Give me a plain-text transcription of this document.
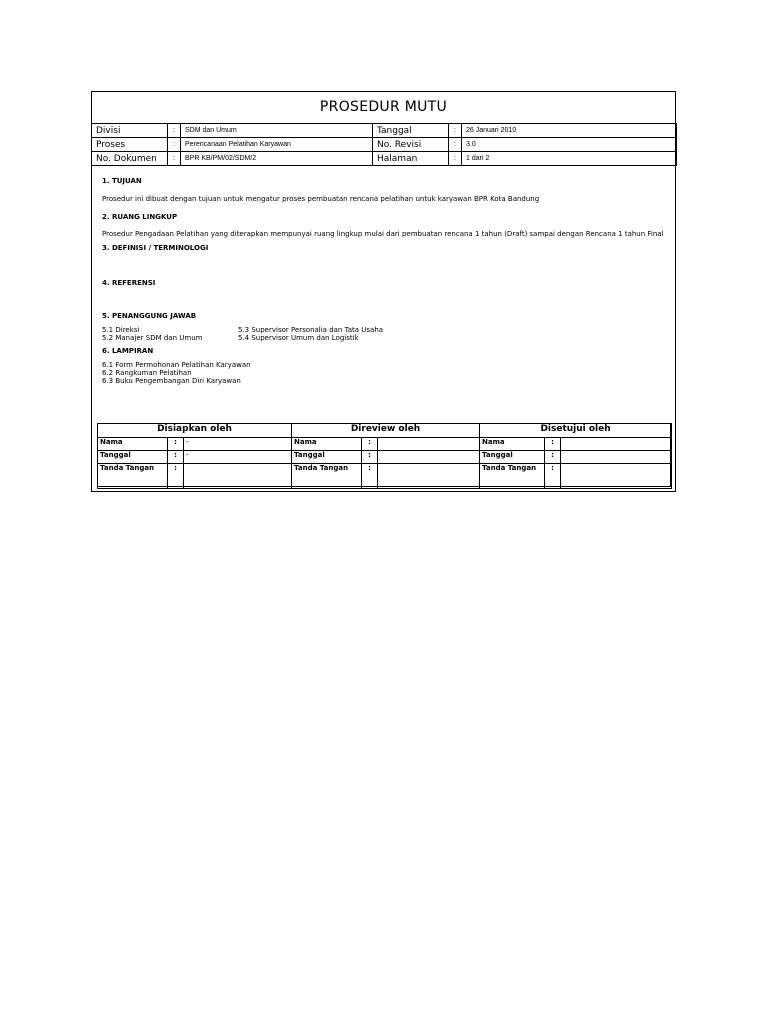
PROSEDUR MUTU
Divisi	:	SDM dan Umum	Tanggal	:	26 Januari 2010
Proses	:	Perencanaan Pelatihan Karyawan	No. Revisi	:	3.0
No. Dokumen	:	BPR KB/PM/02/SDM/2	Halaman	:	1 dari 2
1. TUJUAN
Prosedur ini dibuat dengan tujuan untuk mengatur proses pembuatan rencana pelatihan untuk karyawan BPR Kota Bandung
2. RUANG LINGKUP
Prosedur Pengadaan Pelatihan yang diterapkan mempunyai ruang lingkup mulai dari pembuatan rencana 1 tahun (Draft) sampai dengan Rencana 1 tahun Final
3. DEFINISI / TERMINOLOGI
4. REFERENSI
5. PENANGGUNG JAWAB
5.1 Direksi	5.3 Supervisor Personalia dan Tata Usaha
5.2 Manajer SDM dan Umum	5.4 Supervisor Umum dan Logistik
6. LAMPIRAN
6.1 Form Permohonan Pelatihan Karyawan
6.2 Rangkuman Pelatihan
6.3 Buku Pengembangan Diri Karyawan
Disiapkan oleh			Direview oleh			Disetujui oleh		
Nama	:	-	Nama	:		Nama	:	
Tanggal	:	-	Tanggal	:		Tanggal	:	
Tanda Tangan	:		Tanda Tangan	:		Tanda Tangan	:	
